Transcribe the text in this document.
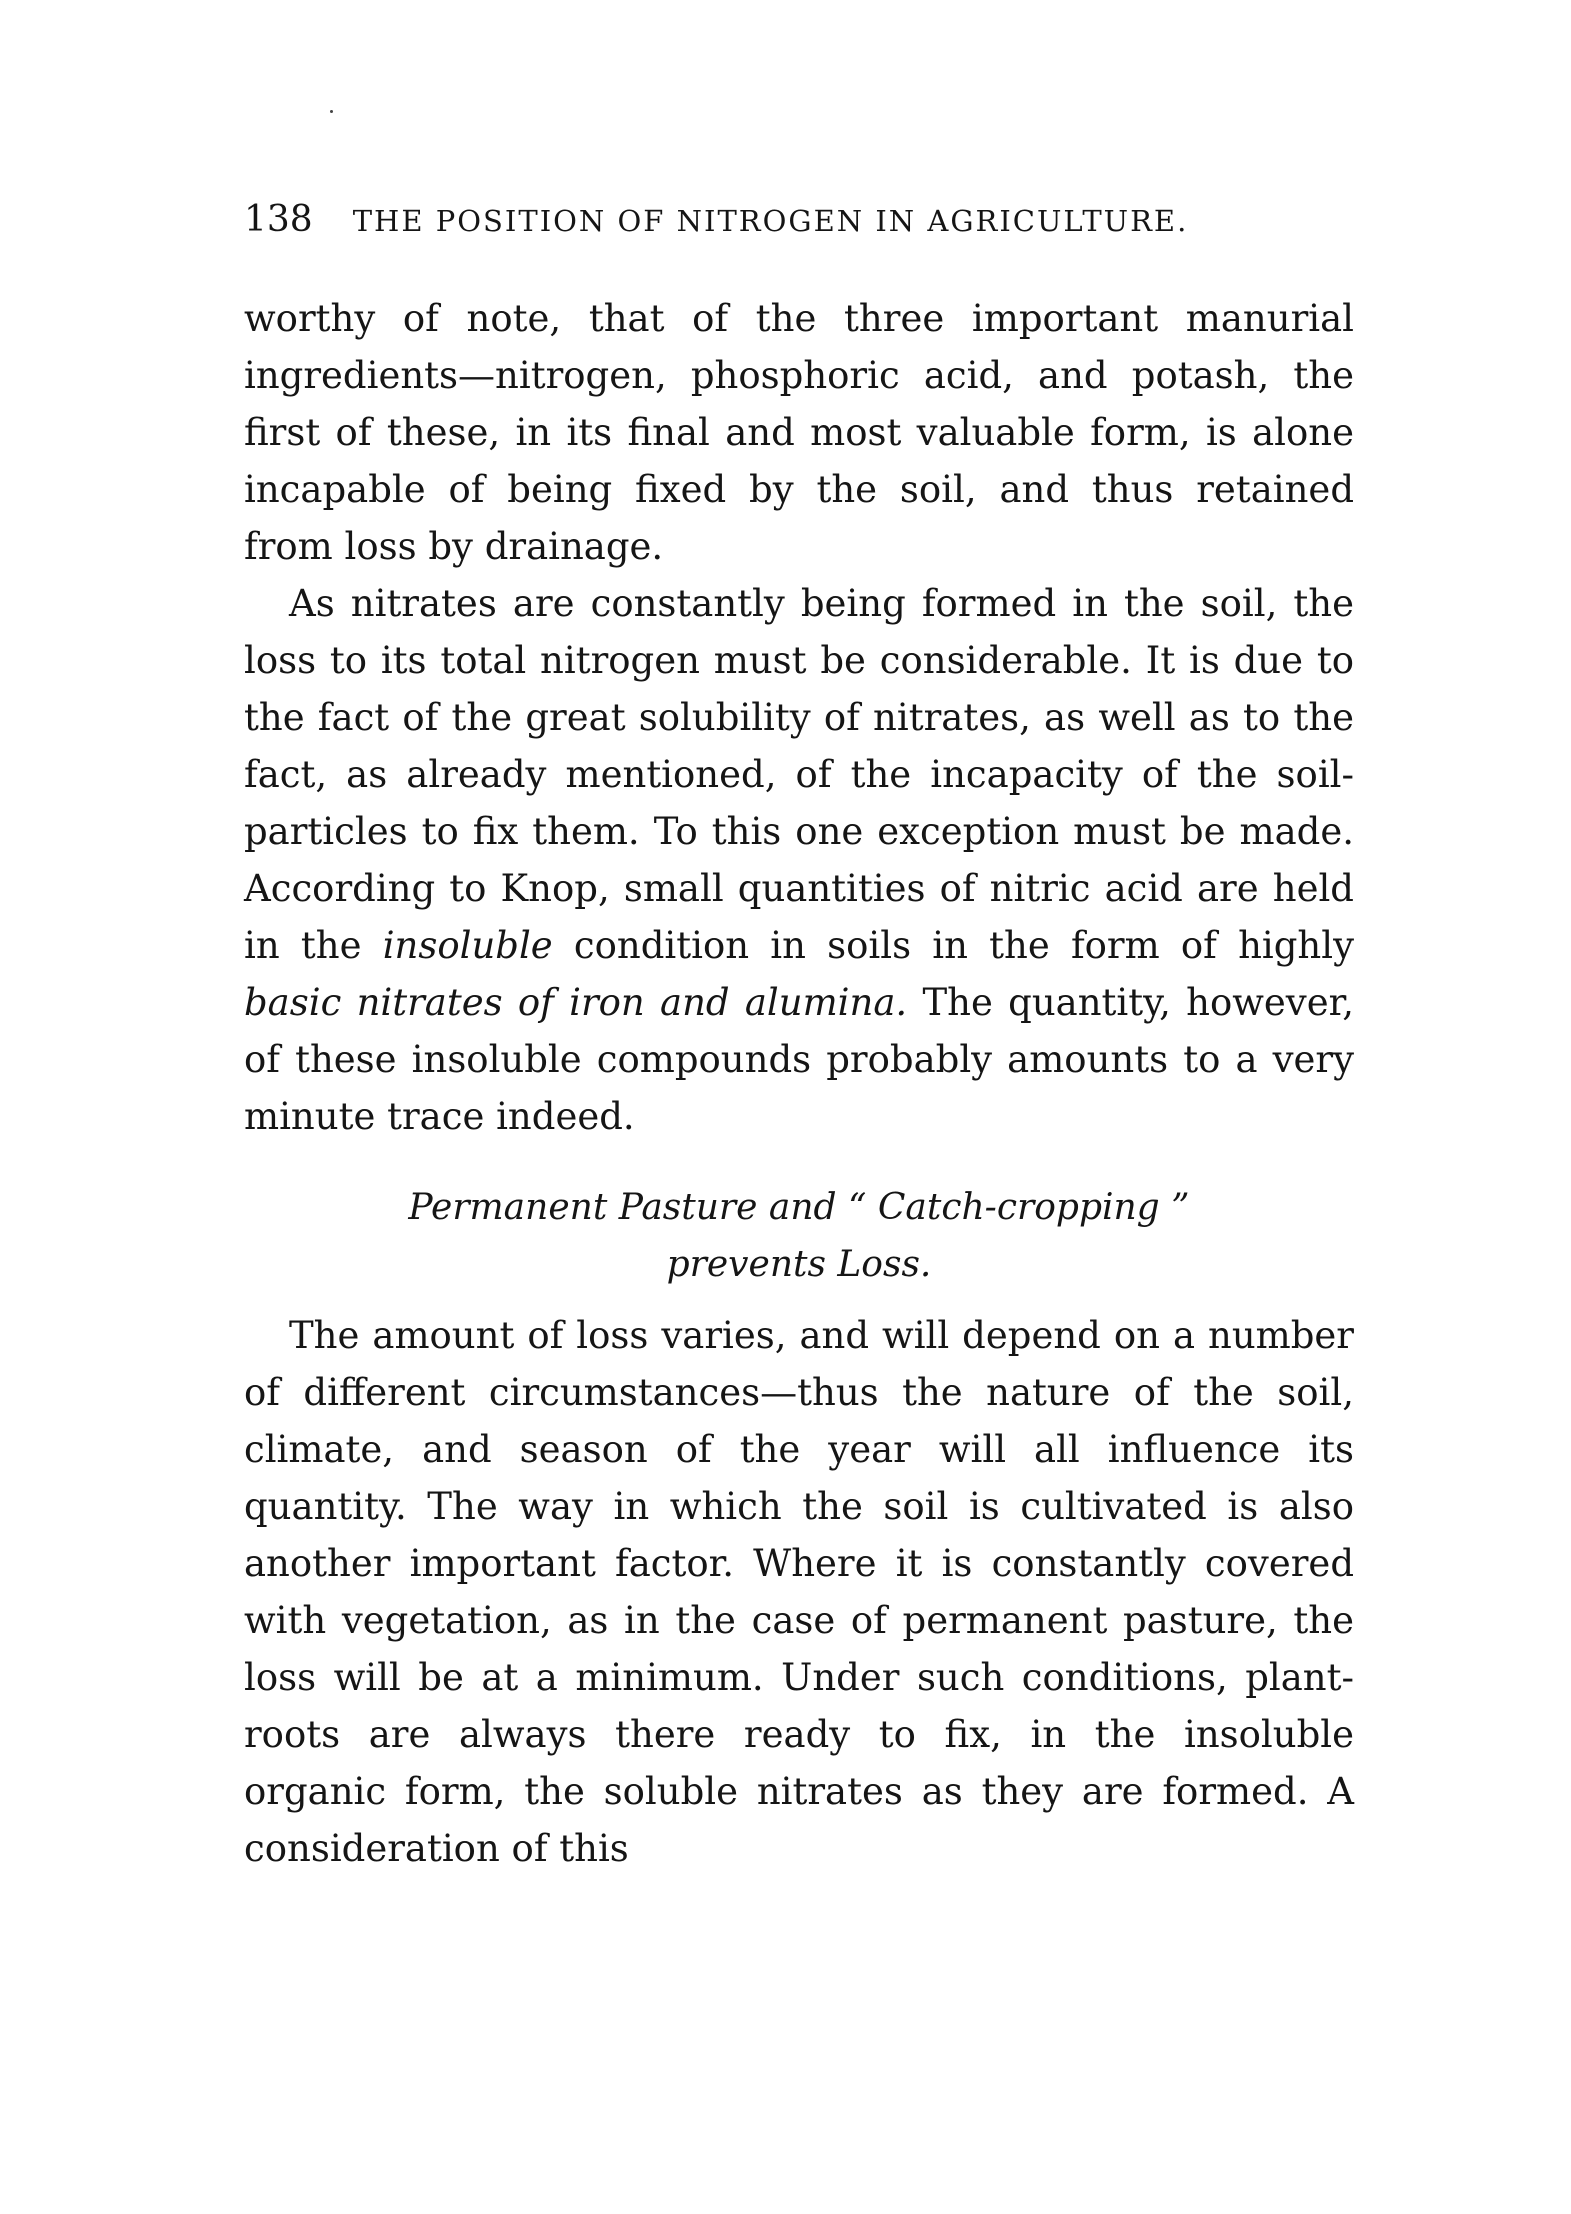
138 THE POSITION OF NITROGEN IN AGRICULTURE.

worthy of note, that of the three important manurial ingredients—nitrogen, phosphoric acid, and potash, the first of these, in its final and most valuable form, is alone incapable of being fixed by the soil, and thus retained from loss by drainage.

As nitrates are constantly being formed in the soil, the loss to its total nitrogen must be considerable. It is due to the fact of the great solubility of nitrates, as well as to the fact, as already mentioned, of the incapacity of the soil-particles to fix them. To this one exception must be made. According to Knop, small quantities of nitric acid are held in the insoluble condition in soils in the form of highly basic nitrates of iron and alumina. The quantity, however, of these insoluble compounds probably amounts to a very minute trace indeed.

Permanent Pasture and “ Catch-cropping ”
prevents Loss.

The amount of loss varies, and will depend on a number of different circumstances—thus the nature of the soil, climate, and season of the year will all influence its quantity. The way in which the soil is cultivated is also another important factor. Where it is constantly covered with vegetation, as in the case of permanent pasture, the loss will be at a minimum. Under such conditions, plant-roots are always there ready to fix, in the insoluble organic form, the soluble nitrates as they are formed. A consideration of this
